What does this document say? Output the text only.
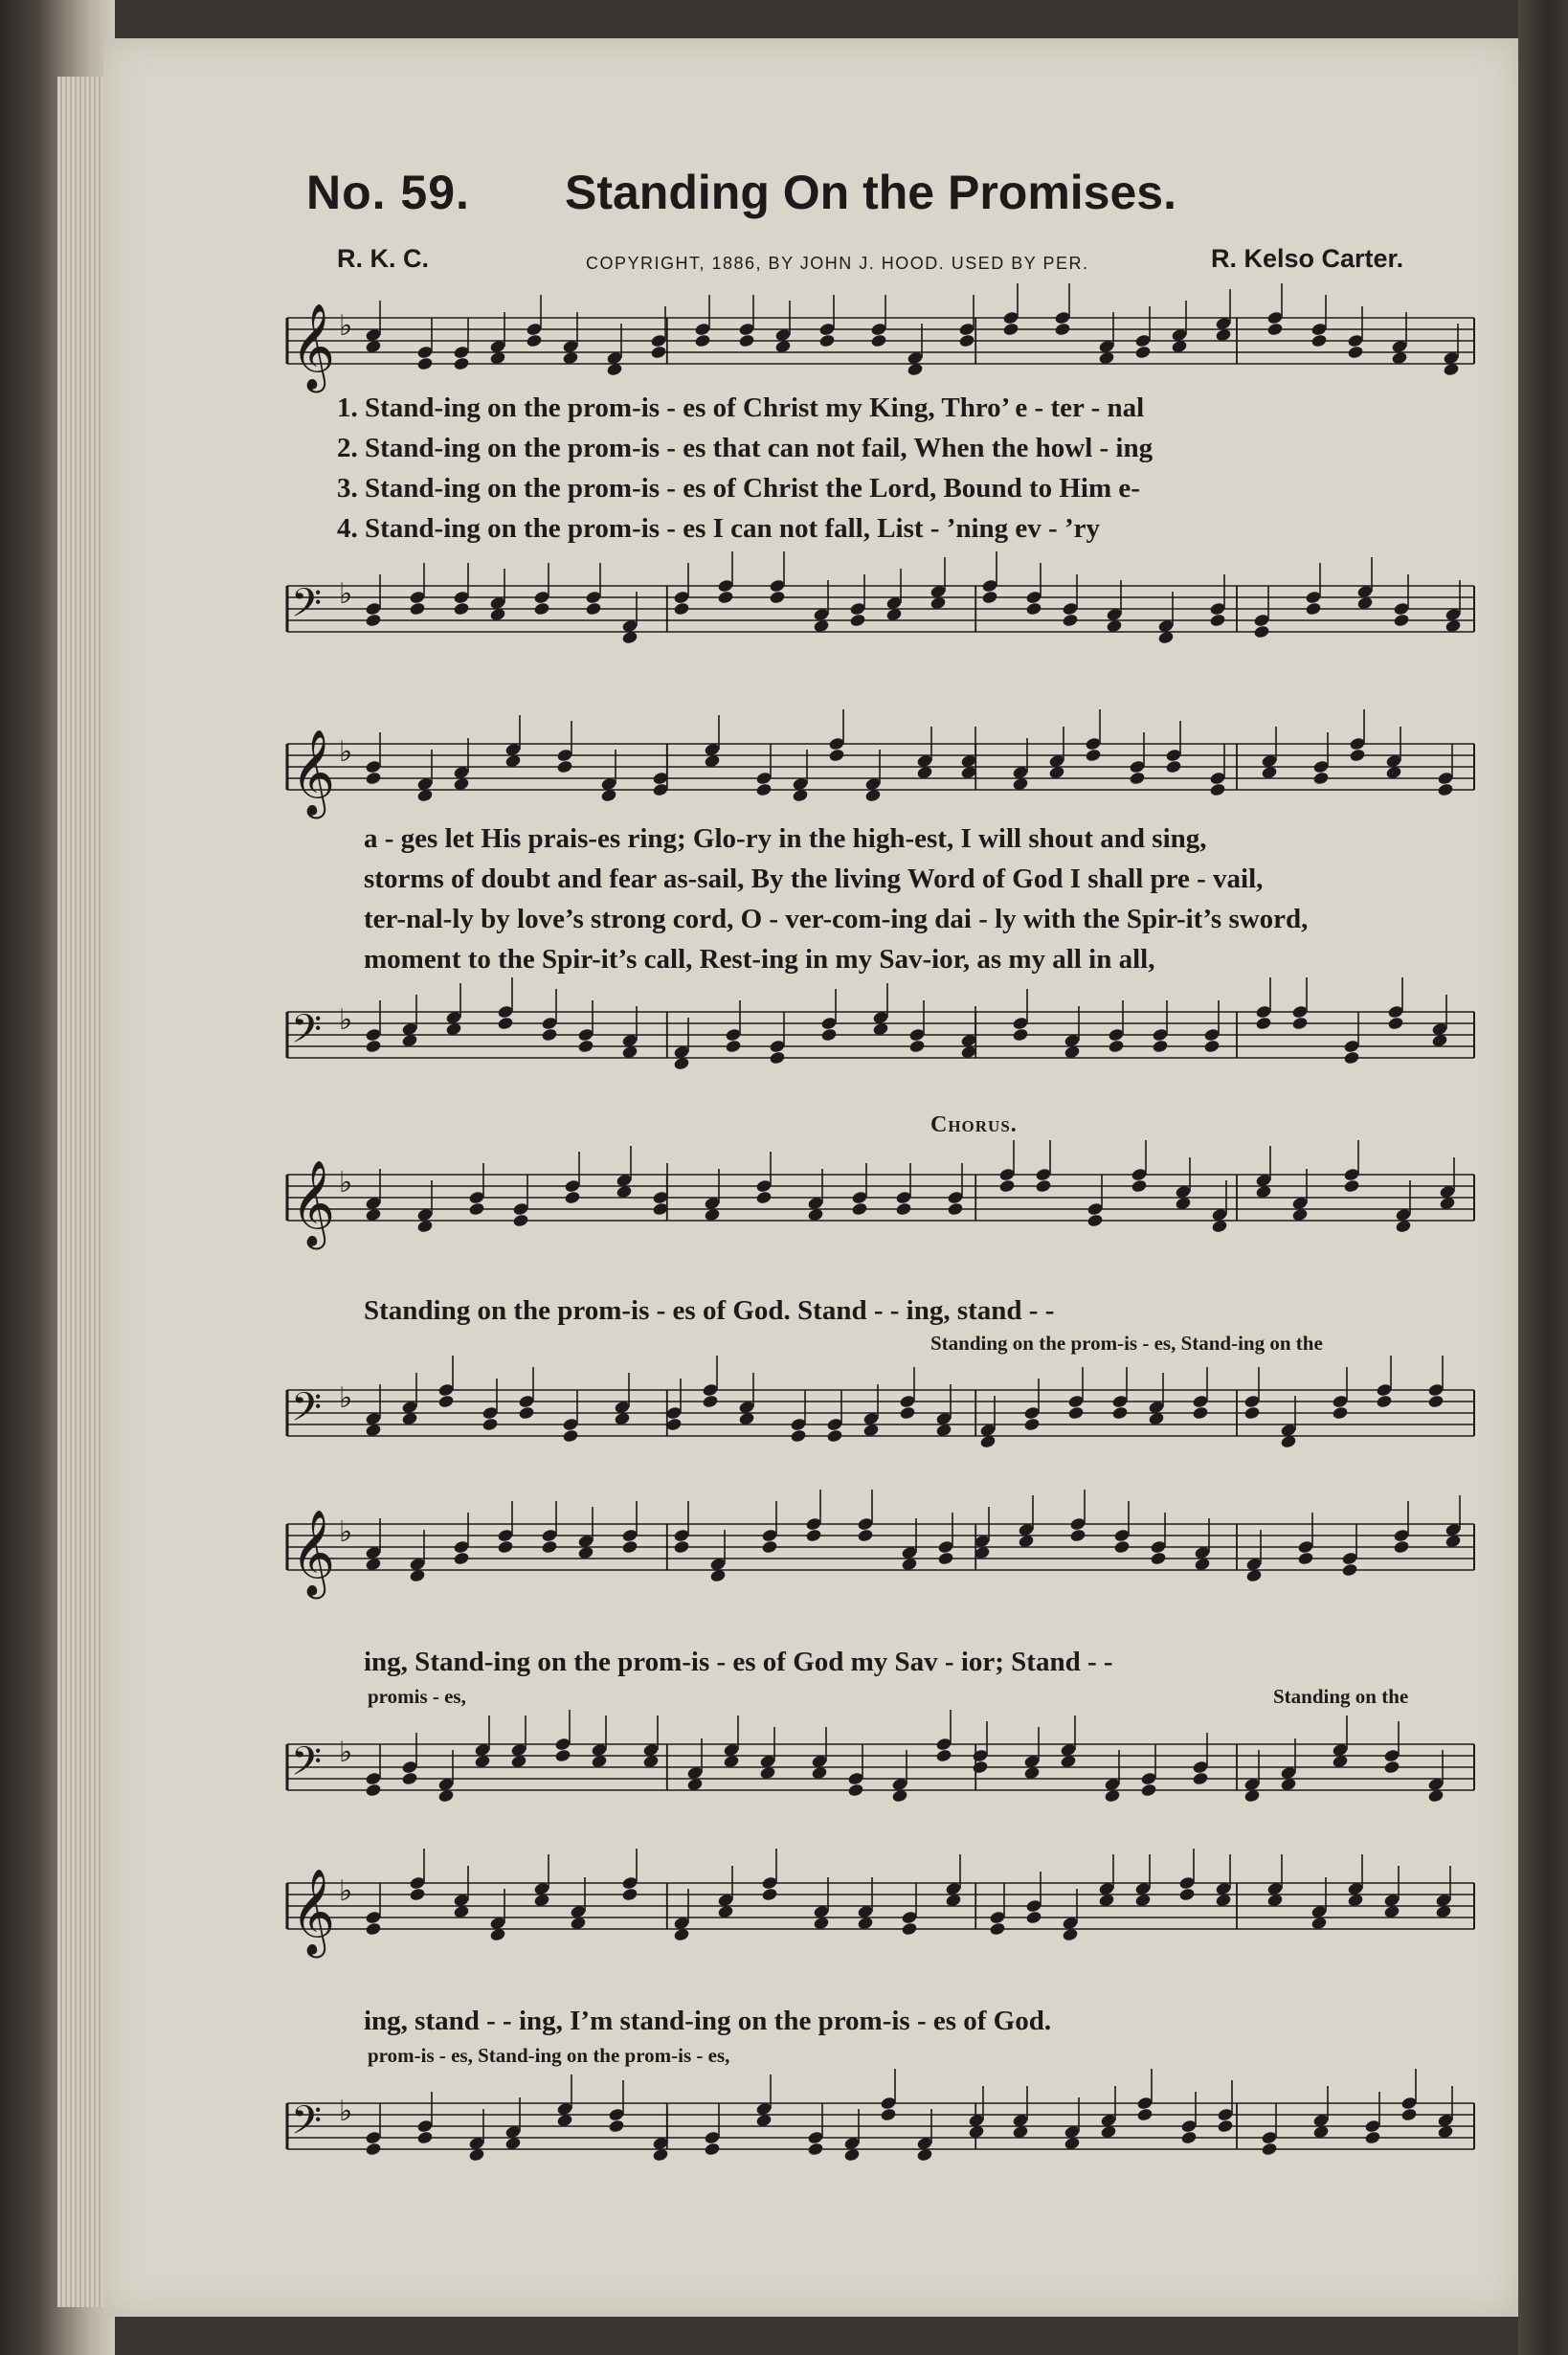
No. 59. Standing On the Promises.
R. K. C.	COPYRIGHT, 1886, BY JOHN J. HOOD. USED BY PER.	R. Kelso Carter.
𝄞 ♭
1. Stand-ing on the prom-is - es of Christ my King, Thro’ e - ter - nal
2. Stand-ing on the prom-is - es that can not fail, When the howl - ing
3. Stand-ing on the prom-is - es of Christ the Lord, Bound to Him e-
4. Stand-ing on the prom-is - es I can not fall, List - ’ning ev - ’ry
𝄢 ♭
𝄞 ♭
a - ges let His prais-es ring; Glo-ry in the high-est, I will shout and sing,
storms of doubt and fear as-sail, By the living Word of God I shall pre - vail,
ter-nal-ly by love’s strong cord, O - ver-com-ing dai - ly with the Spir-it’s sword,
moment to the Spir-it’s call, Rest-ing in my Sav-ior, as my all in all,
𝄢 ♭
Chorus.
𝄞 ♭
Standing on the prom-is - es of God. Stand - - ing, stand - -
Standing on the prom-is - es, Stand-ing on the
𝄢 ♭
𝄞 ♭
ing, Stand-ing on the prom-is - es of God my Sav - ior; Stand - -
promis - es,	Standing on the
𝄢 ♭
𝄞 ♭
ing, stand - - ing, I’m stand-ing on the prom-is - es of God.
prom-is - es, Stand-ing on the prom-is - es,
𝄢 ♭
